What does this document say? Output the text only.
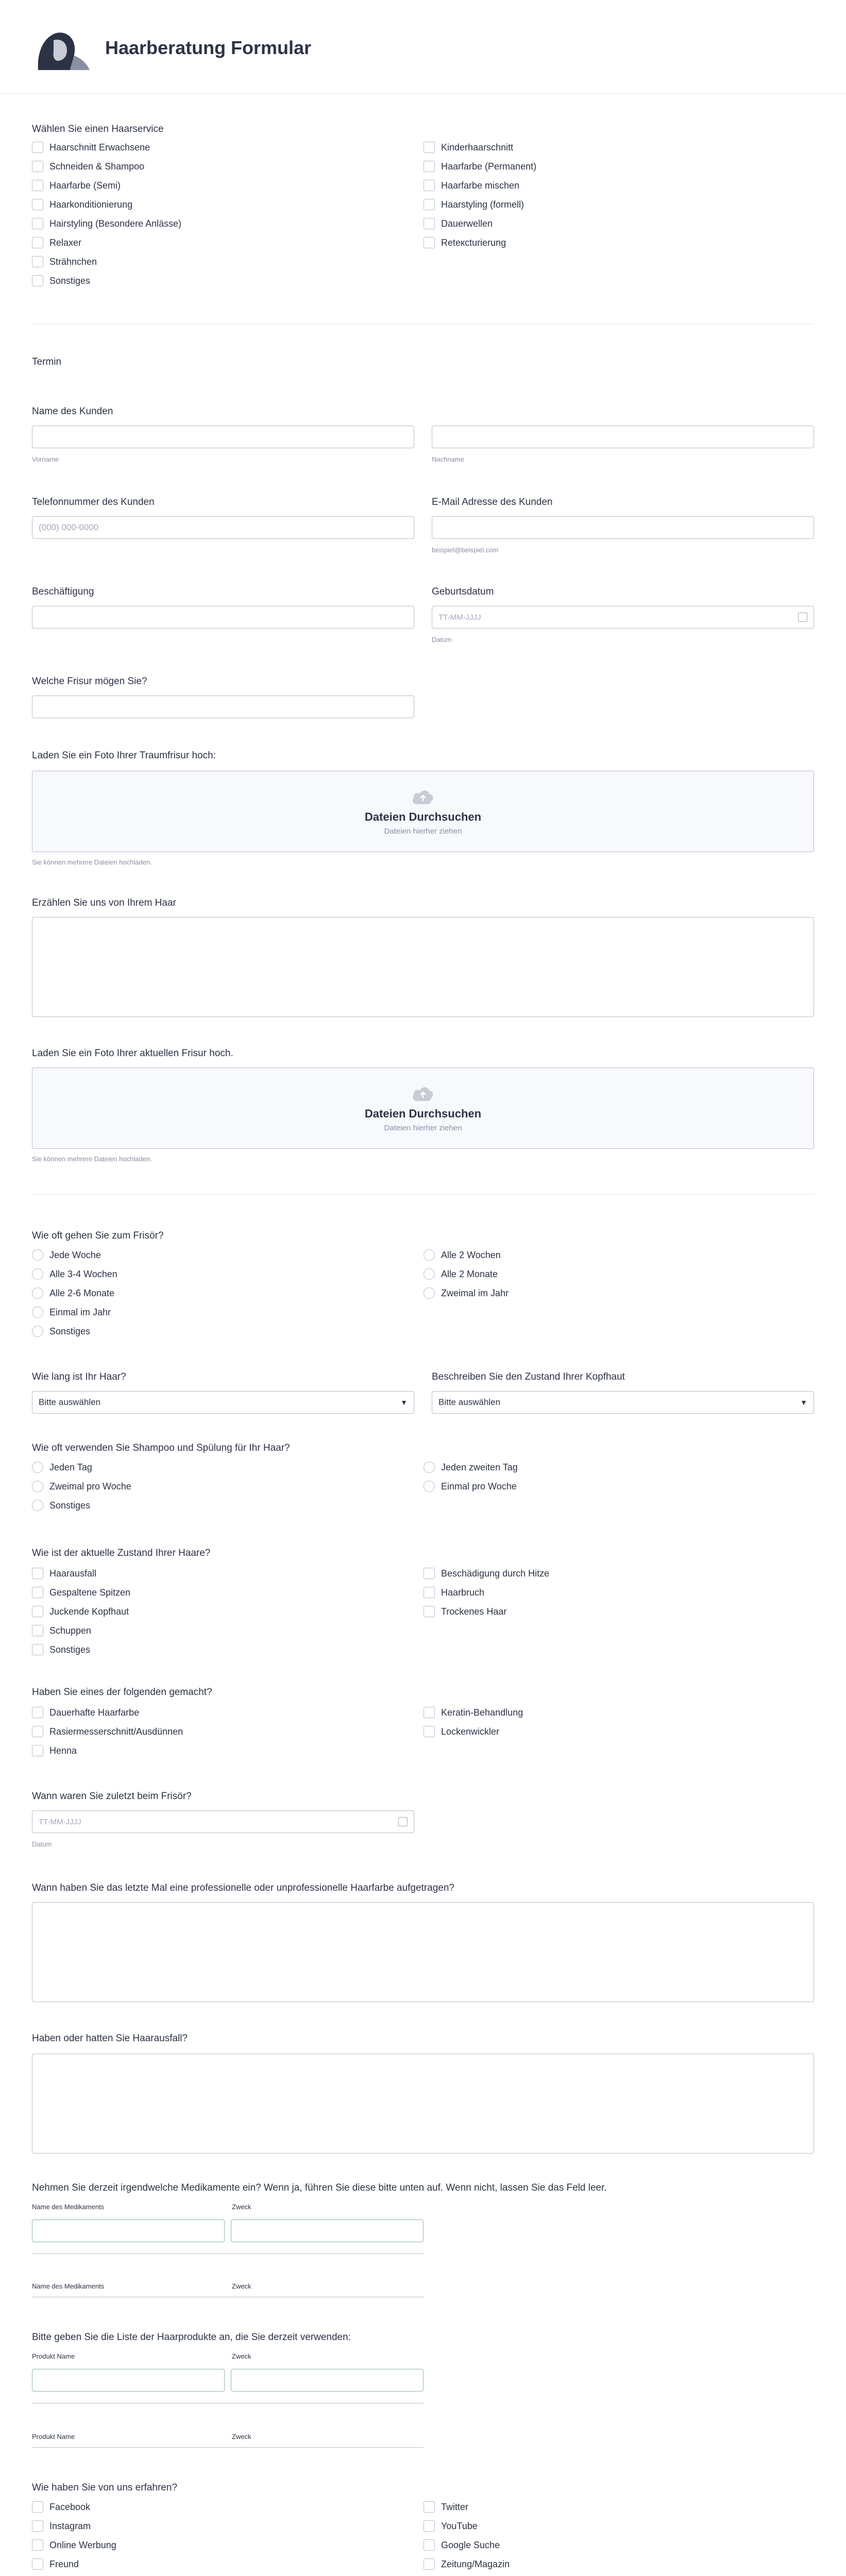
Haarberatung Formular
Wählen Sie einen Haarservice
Haarschnitt Erwachsene
Schneiden & Shampoo
Haarfarbe (Semi)
Haarkonditionierung
Hairstyling (Besondere Anlässe)
Relaxer
Strähnchen
Sonstiges
Kinderhaarschnitt
Haarfarbe (Permanent)
Haarfarbe mischen
Haarstyling (formell)
Dauerwellen
Reteксturierung
Termin
Name des Kunden
Vorname	Nachname
Telefonnummer des Kunden
(000) 000-0000
E-Mail Adresse des Kunden
beispiel@beispiel.com
Beschäftigung	Geburtsdatum
TT-MM-JJJJ
Datum
Welche Frisur mögen Sie?
Laden Sie ein Foto Ihrer Traumfrisur hoch:
Dateien Durchsuchen
Dateien hierher ziehen
Sie können mehrere Dateien hochladen.
Erzählen Sie uns von Ihrem Haar
Laden Sie ein Foto Ihrer aktuellen Frisur hoch.
Dateien Durchsuchen
Dateien hierher ziehen
Sie können mehrere Dateien hochladen.
Wie oft gehen Sie zum Frisör?
Jede Woche
Alle 3-4 Wochen
Alle 2-6 Monate
Einmal im Jahr
Sonstiges
Alle 2 Wochen
Alle 2 Monate
Zweimal im Jahr
Wie lang ist Ihr Haar?
Bitte auswählen	▼
Beschreiben Sie den Zustand Ihrer Kopfhaut
Bitte auswählen	▼
Wie oft verwenden Sie Shampoo und Spülung für Ihr Haar?
Jeden Tag
Zweimal pro Woche
Sonstiges
Jeden zweiten Tag
Einmal pro Woche
Wie ist der aktuelle Zustand Ihrer Haare?
Haarausfall
Gespaltene Spitzen
Juckende Kopfhaut
Schuppen
Sonstiges
Beschädigung durch Hitze
Haarbruch
Trockenes Haar
Haben Sie eines der folgenden gemacht?
Dauerhafte Haarfarbe
Rasiermesserschnitt/Ausdünnen
Henna
Keratin-Behandlung
Lockenwickler
Wann waren Sie zuletzt beim Frisör?
TT-MM-JJJJ
Datum
Wann haben Sie das letzte Mal eine professionelle oder unprofessionelle Haarfarbe aufgetragen?
Haben oder hatten Sie Haarausfall?
Nehmen Sie derzeit irgendwelche Medikamente ein? Wenn ja, führen Sie diese bitte unten auf. Wenn nicht, lassen Sie das Feld leer.
Name des Medikaments	Zweck
Name des Medikaments	Zweck
Bitte geben Sie die Liste der Haarprodukte an, die Sie derzeit verwenden:
Produkt Name	Zweck
Produkt Name	Zweck
Wie haben Sie von uns erfahren?
Facebook
Instagram
Online Werbung
Freund
Twitter
YouTube
Google Suche
Zeitung/Magazin
